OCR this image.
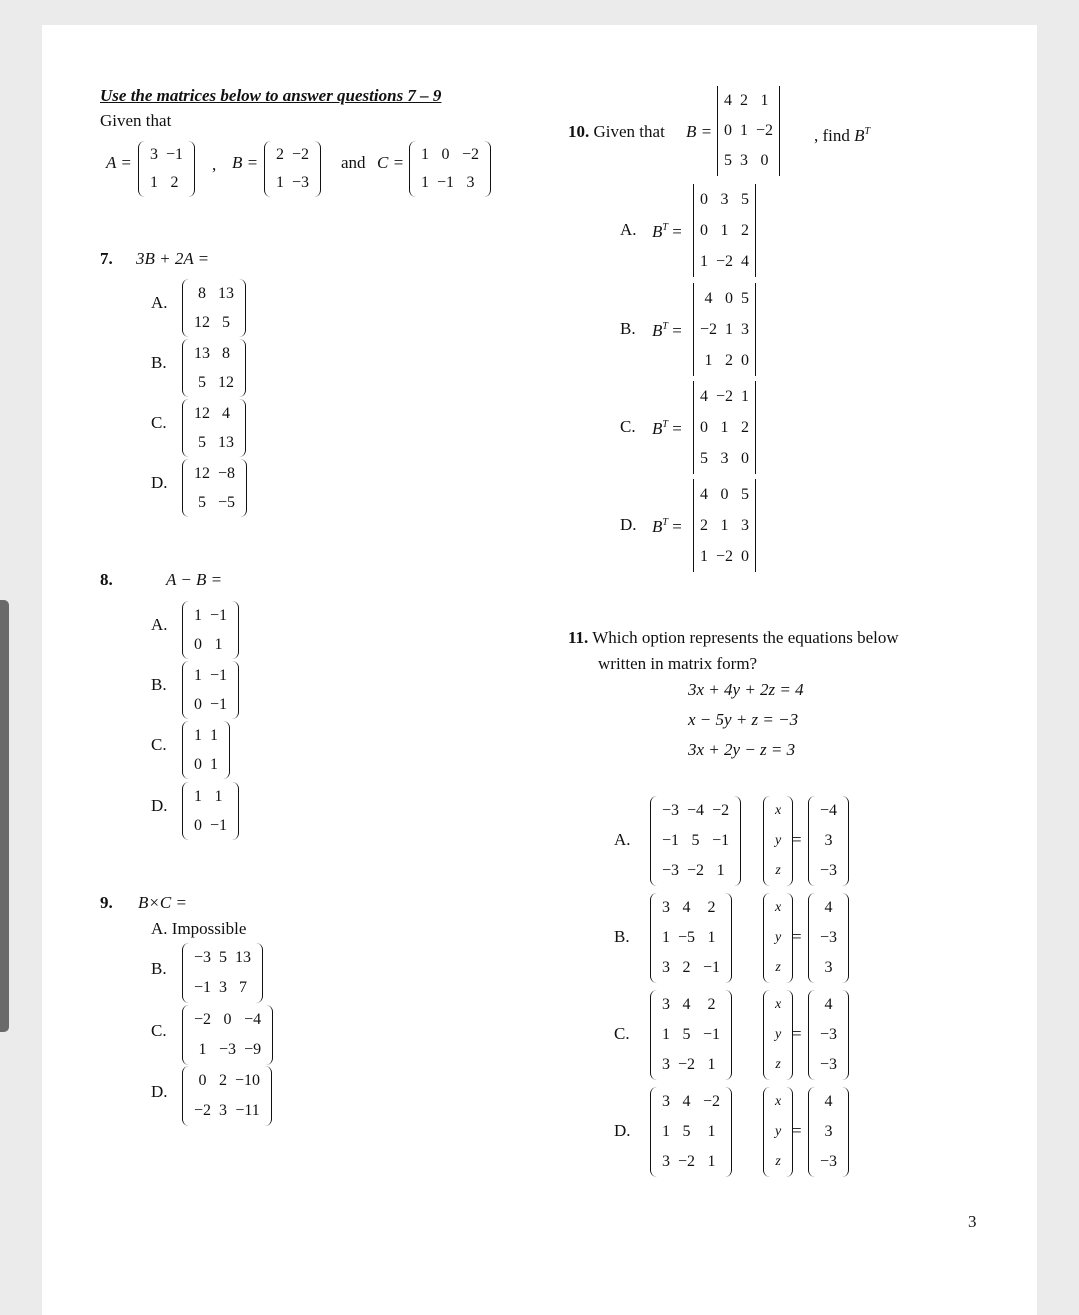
Use the matrices below to answer questions 7 – 9
Given that
A = 3	−1
1	2
, B = 2	−2
1	−3
and C = 1	0	−2
1	−1	3
7. 3B + 2A =
A. 8	13
12	5
B. 13	8
5	12
C. 12	4
5	13
D. 12	−8
5	−5
8.	A − B =
A. 1	−1
0	1
B. 1	−1
0	−1
C. 1	1
0	1
D. 1	1
0	−1
9. B×C =
A. Impossible
B.
−3	5	13
−1	3	7
C.
−2	0	−4
1	−3	−9
D.
0	2	−10
−2	3	−11
10. Given that B =
4	2	1
0	1	−2
5	3	0
, find $B^T$
A. $B^T$ =
0	3	5
0	1	2
1	−2	4
B. $B^T$ =
4	0	5
−2	1	3
1	2	0
C. $B^T$ =
4	−2	1
0	1	2
5	3	0
D. $B^T$ =
4	0	5
2	1	3
1	−2	0
11. Which option represents the equations below
written in matrix form?
3x + 4y + 2z = 4
x − 5y + z = −3
3x + 2y − z = 3
A.
−3	−4	−2
−1	5	−1
−3	−2	1
x
y
z
=
−4
3
−3
B.
3	4	2
1	−5	1
3	2	−1
x
y
z
=
4
−3
3
C.
3	4	2
1	5	−1
3	−2	1
x
y
z
=
4
−3
−3
D.
3	4	−2
1	5	1
3	−2	1
x
y
z
=
4
3
−3
3
